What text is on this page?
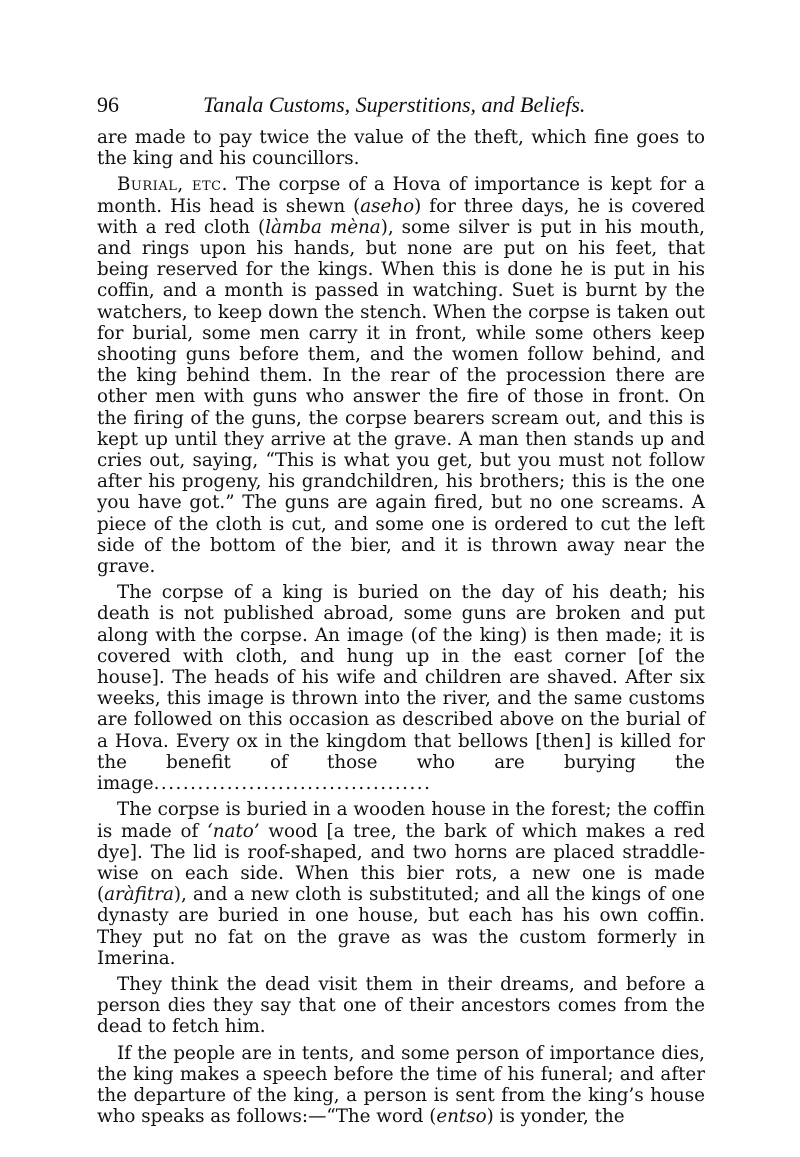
96	Tanala Customs, Superstitions, and Beliefs.

are made to pay twice the value of the theft, which fine goes to the king and his councillors.

Burial, etc. The corpse of a Hova of importance is kept for a month. His head is shewn (aseho) for three days, he is covered with a red cloth (làmba mèna), some silver is put in his mouth, and rings upon his hands, but none are put on his feet, that being reserved for the kings. When this is done he is put in his coffin, and a month is passed in watching. Suet is burnt by the watchers, to keep down the stench. When the corpse is taken out for burial, some men carry it in front, while some others keep shooting guns before them, and the women follow behind, and the king behind them. In the rear of the procession there are other men with guns who answer the fire of those in front. On the firing of the guns, the corpse bearers scream out, and this is kept up until they arrive at the grave. A man then stands up and cries out, saying, “This is what you get, but you must not follow after his progeny, his grandchildren, his brothers; this is the one you have got.” The guns are again fired, but no one screams. A piece of the cloth is cut, and some one is ordered to cut the left side of the bottom of the bier, and it is thrown away near the grave.

The corpse of a king is buried on the day of his death; his death is not published abroad, some guns are broken and put along with the corpse. An image (of the king) is then made; it is covered with cloth, and hung up in the east corner [of the house]. The heads of his wife and children are shaved. After six weeks, this image is thrown into the river, and the same customs are followed on this occasion as described above on the burial of a Hova. Every ox in the kingdom that bellows [then] is killed for the benefit of those who are burying the image......................................

The corpse is buried in a wooden house in the forest; the coffin is made of ‘nato’ wood [a tree, the bark of which makes a red dye]. The lid is roof-shaped, and two horns are placed straddle-wise on each side. When this bier rots, a new one is made (aràfitra), and a new cloth is substituted; and all the kings of one dynasty are buried in one house, but each has his own coffin. They put no fat on the grave as was the custom formerly in Imerina.

They think the dead visit them in their dreams, and before a person dies they say that one of their ancestors comes from the dead to fetch him.

If the people are in tents, and some person of importance dies, the king makes a speech before the time of his funeral; and after the departure of the king, a person is sent from the king’s house who speaks as follows:—“The word (entso) is yonder, the
